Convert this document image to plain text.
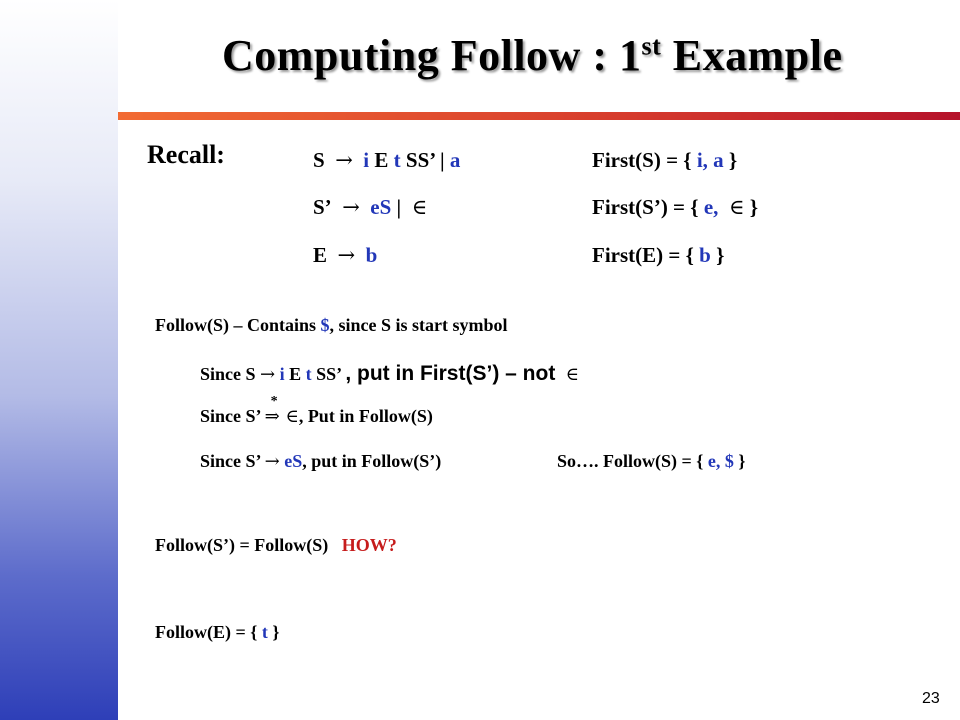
Computing Follow : 1st Example
Recall:	S → i E t SS’ | a
S’ → eS |  ∈
E → b
First(S) = { i, a }
First(S’) = { e,  ∈ }
First(E) = { b }
Follow(S) – Contains $, since S is start symbol
Since S → i E t SS’ , put in First(S’) – not  ∈
Since S’
*
⇒ ∈, Put in Follow(S)
Since S’ → eS, put in Follow(S’)	So…. Follow(S) = { e, $ }
Follow(S’) = Follow(S) HOW?
Follow(E) = { t }
23
